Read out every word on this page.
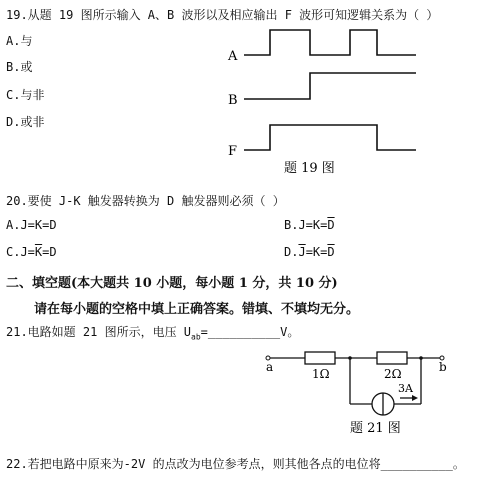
19.从题 19 图所示输入 A、B 波形以及相应输出 F 波形可知逻辑关系为（ ）
A.与
B.或
C.与非
D.或非
A
B
F
题 19 图
20.要使 J-K 触发器转换为 D 触发器则必须（ ）
A.J=K=D	$B.J=K=\overline{D}$
$C.J=\overline{K}=D$	$D.\overline{J}=K=\overline{D}$
二、填空题(本大题共 10 小题，每小题 1 分，共 10 分)
请在每小题的空格中填上正确答案。错填、不填均无分。
21.电路如题 21 图所示，电压 $U_{ab}=\_\_\_\_\_\_\_\_\_\_V$。
a	b
1Ω	2Ω
3A
题 21 图
22.若把电路中原来为-2V 的点改为电位参考点，则其他各点的电位将__________。
